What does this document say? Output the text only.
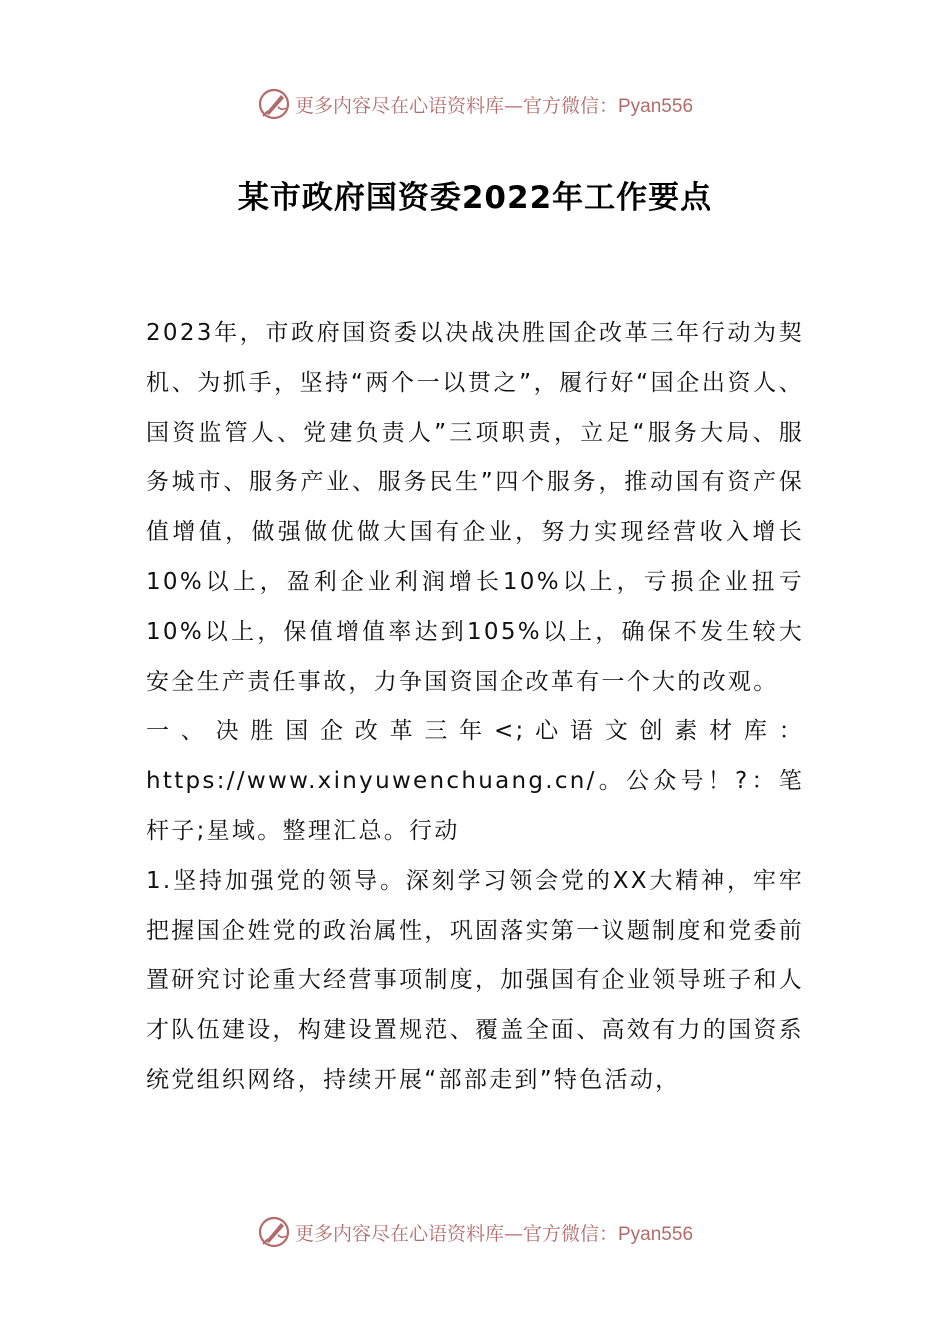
更多内容尽在心语资料库—官方微信：Pyan556
某市政府国资委2022年工作要点

2023年，市政府国资委以决战决胜国企改革三年行动为契机、为抓手，坚持“两个一以贯之”，履行好“国企出资人、国资监管人、党建负责人”三项职责，立足“服务大局、服务城市、服务产业、服务民生”四个服务，推动国有资产保值增值，做强做优做大国有企业，努力实现经营收入增长10%以上，盈利企业利润增长10%以上，亏损企业扭亏10%以上，保值增值率达到105%以上，确保不发生较大安全生产责任事故，力争国资国企改革有一个大的改观。

一、决胜国企改革三年<;心语文创素材库：https://www.xinyuwenchuang.cn/。公众号！?：笔杆子;星域。整理汇总。行动

1.坚持加强党的领导。深刻学习领会党的XX大精神，牢牢把握国企姓党的政治属性，巩固落实第一议题制度和党委前置研究讨论重大经营事项制度，加强国有企业领导班子和人才队伍建设，构建设置规范、覆盖全面、高效有力的国资系统党组织网络，持续开展“部部走到”特色活动，

更多内容尽在心语资料库—官方微信：Pyan556
